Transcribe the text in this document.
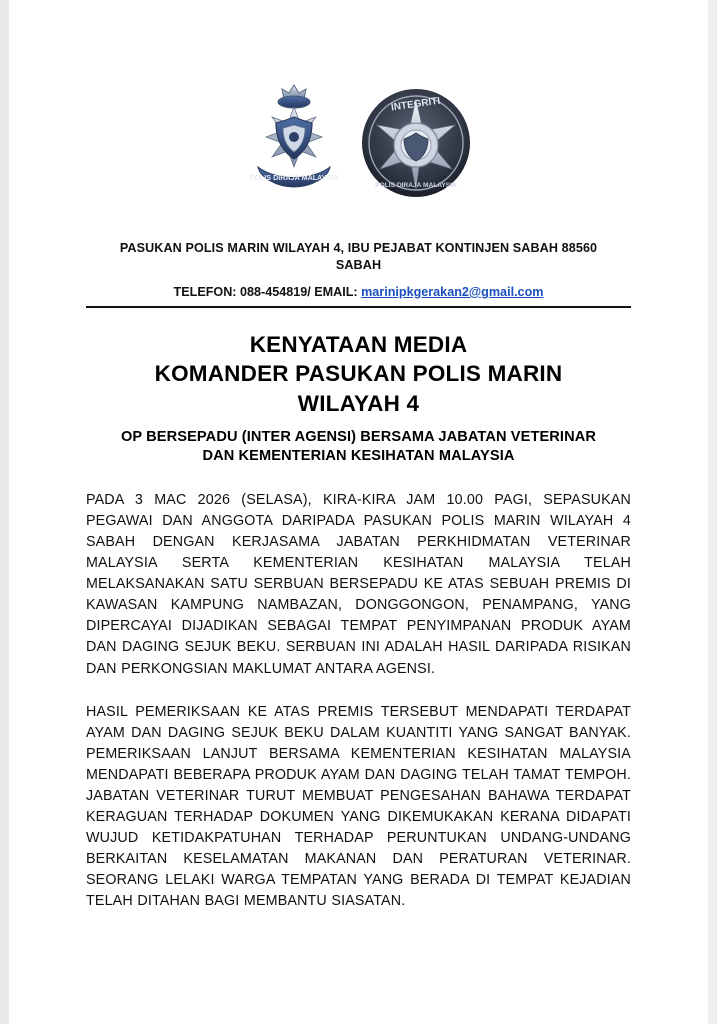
POLIS DIRAJA MALAYSIA
INTEGRITI
POLIS DIRAJA MALAYSIA
PASUKAN POLIS MARIN WILAYAH 4, IBU PEJABAT KONTINJEN SABAH 88560
SABAH
TELEFON: 088-454819/ EMAIL: marinipkgerakan2@gmail.com
KENYATAAN MEDIA
KOMANDER PASUKAN POLIS MARIN
WILAYAH 4
OP BERSEPADU (INTER AGENSI) BERSAMA JABATAN VETERINAR
DAN KEMENTERIAN KESIHATAN MALAYSIA

PADA 3 MAC 2026 (SELASA), KIRA-KIRA JAM 10.00 PAGI, SEPASUKAN PEGAWAI DAN ANGGOTA DARIPADA PASUKAN POLIS MARIN WILAYAH 4 SABAH DENGAN KERJASAMA JABATAN PERKHIDMATAN VETERINAR MALAYSIA SERTA KEMENTERIAN KESIHATAN MALAYSIA TELAH MELAKSANAKAN SATU SERBUAN BERSEPADU KE ATAS SEBUAH PREMIS DI KAWASAN KAMPUNG NAMBAZAN, DONGGONGON, PENAMPANG, YANG DIPERCAYAI DIJADIKAN SEBAGAI TEMPAT PENYIMPANAN PRODUK AYAM DAN DAGING SEJUK BEKU. SERBUAN INI ADALAH HASIL DARIPADA RISIKAN DAN PERKONGSIAN MAKLUMAT ANTARA AGENSI.

HASIL PEMERIKSAAN KE ATAS PREMIS TERSEBUT MENDAPATI TERDAPAT AYAM DAN DAGING SEJUK BEKU DALAM KUANTITI YANG SANGAT BANYAK. PEMERIKSAAN LANJUT BERSAMA KEMENTERIAN KESIHATAN MALAYSIA MENDAPATI BEBERAPA PRODUK AYAM DAN DAGING TELAH TAMAT TEMPOH. JABATAN VETERINAR TURUT MEMBUAT PENGESAHAN BAHAWA TERDAPAT KERAGUAN TERHADAP DOKUMEN YANG DIKEMUKAKAN KERANA DIDAPATI WUJUD KETIDAKPATUHAN TERHADAP PERUNTUKAN UNDANG-UNDANG BERKAITAN KESELAMATAN MAKANAN DAN PERATURAN VETERINAR. SEORANG LELAKI WARGA TEMPATAN YANG BERADA DI TEMPAT KEJADIAN TELAH DITAHAN BAGI MEMBANTU SIASATAN.
